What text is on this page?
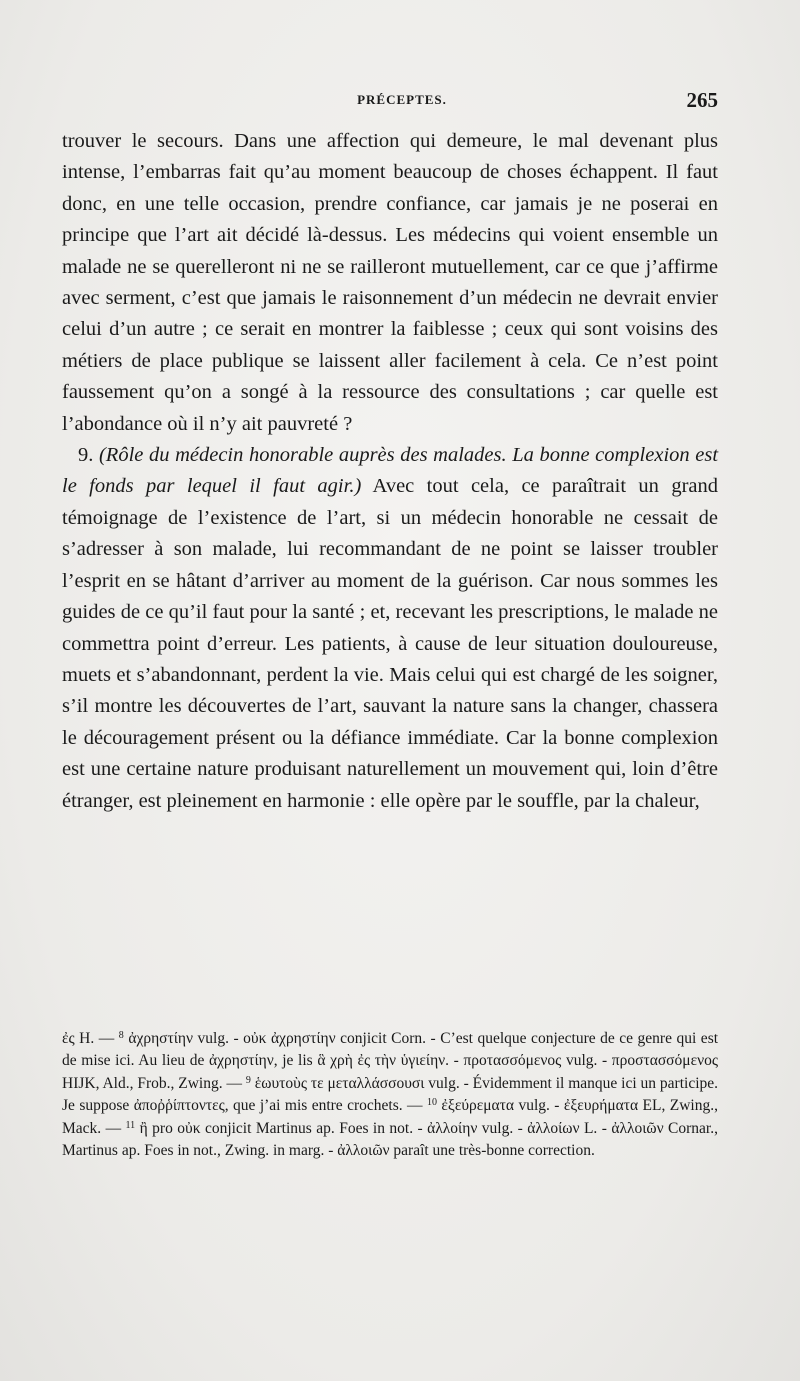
PRÉCEPTES.	265

trouver le secours. Dans une affection qui demeure, le mal devenant plus intense, l’embarras fait qu’au moment beaucoup de choses échappent. Il faut donc, en une telle occasion, prendre confiance, car jamais je ne poserai en principe que l’art ait décidé là-dessus. Les médecins qui voient ensemble un malade ne se querelleront ni ne se railleront mutuellement, car ce que j’affirme avec serment, c’est que jamais le raisonnement d’un médecin ne devrait envier celui d’un autre ; ce serait en montrer la faiblesse ; ceux qui sont voisins des métiers de place publique se laissent aller facilement à cela. Ce n’est point faussement qu’on a songé à la ressource des consultations ; car quelle est l’abondance où il n’y ait pauvreté ?

9. (Rôle du médecin honorable auprès des malades. La bonne complexion est le fonds par lequel il faut agir.) Avec tout cela, ce paraîtrait un grand témoignage de l’existence de l’art, si un médecin honorable ne cessait de s’adresser à son malade, lui recommandant de ne point se laisser troubler l’esprit en se hâtant d’arriver au moment de la guérison. Car nous sommes les guides de ce qu’il faut pour la santé ; et, recevant les prescriptions, le malade ne commettra point d’erreur. Les patients, à cause de leur situation douloureuse, muets et s’abandonnant, perdent la vie. Mais celui qui est chargé de les soigner, s’il montre les découvertes de l’art, sauvant la nature sans la changer, chassera le découragement présent ou la défiance immédiate. Car la bonne complexion est une certaine nature produisant naturellement un mouvement qui, loin d’être étranger, est pleinement en harmonie : elle opère par le souffle, par la chaleur,

ἐς H. — $^8$ ἀχρηστίην vulg. - οὐκ ἀχρηστίην conjicit Corn. - C’est quelque conjecture de ce genre qui est de mise ici. Au lieu de ἀχρηστίην, je lis ἃ χρὴ ἐς τὴν ὑγιείην. - προτασσόμενος vulg. - προστασσόμενος HIJK, Ald., Frob., Zwing. — $^9$ ἑωυτοὺς τε μεταλλάσσουσι vulg. - Évidemment il manque ici un participe. Je suppose ἀποῤῥίπτοντες, que j’ai mis entre crochets. — $^{10}$ ἐξεύρεματα vulg. - ἐξευρήματα EL, Zwing., Mack. — $^{11}$ ἢ pro οὐκ conjicit Martinus ap. Foes in not. - ἀλλοίην vulg. - ἀλλοίων L. - ἀλλοιῶν Cornar., Martinus ap. Foes in not., Zwing. in marg. - ἀλλοιῶν paraît une très-bonne correction.
